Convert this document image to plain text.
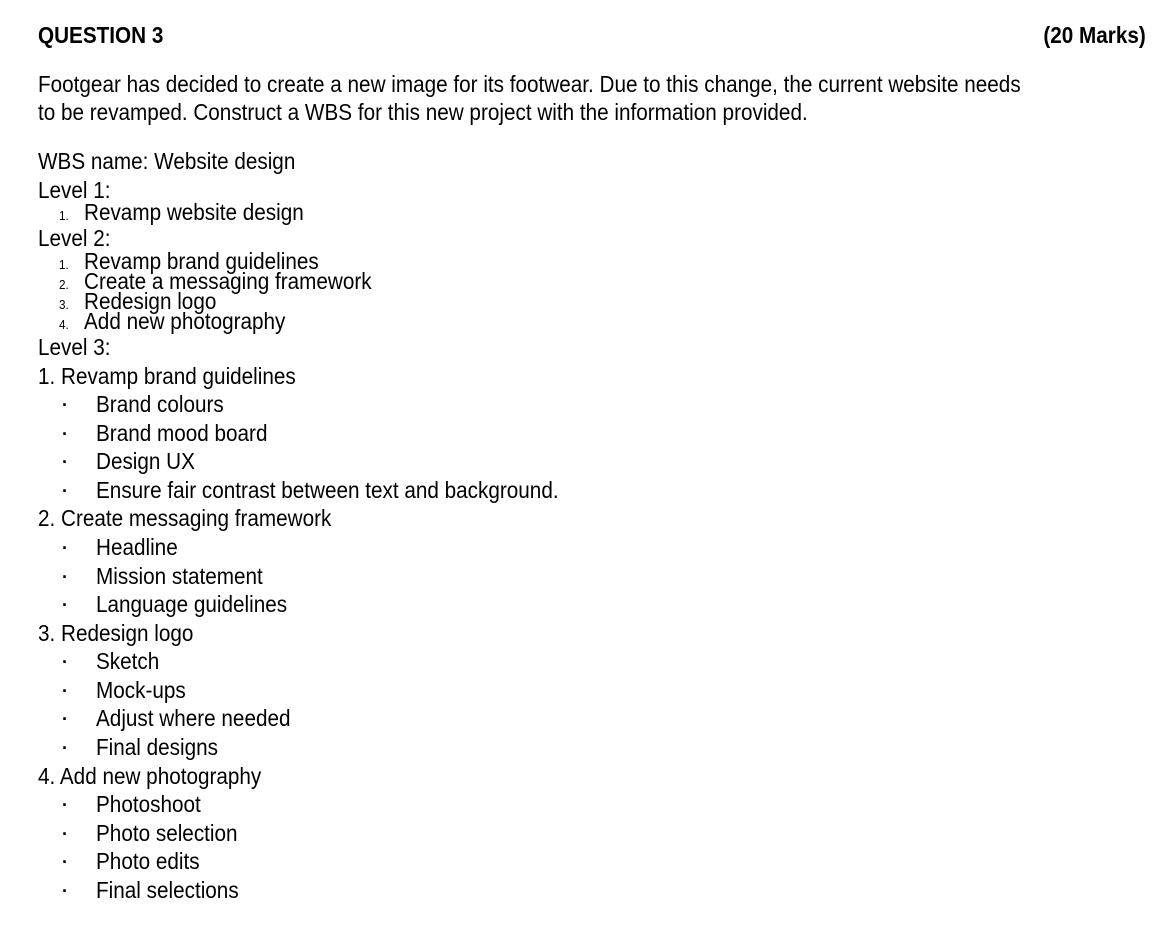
QUESTION 3	(20 Marks)
Footgear has decided to create a new image for its footwear. Due to this change, the current website needs
to be revamped. Construct a WBS for this new project with the information provided.
WBS name: Website design
Level 1:
1. Revamp website design
Level 2:
1. Revamp brand guidelines
2. Create a messaging framework
3. Redesign logo
4. Add new photography
Level 3:
1. Revamp brand guidelines
· Brand colours
· Brand mood board
· Design UX
· Ensure fair contrast between text and background.
2. Create messaging framework
· Headline
· Mission statement
· Language guidelines
3. Redesign logo
· Sketch
· Mock-ups
· Adjust where needed
· Final designs
4. Add new photography
· Photoshoot
· Photo selection
· Photo edits
· Final selections
